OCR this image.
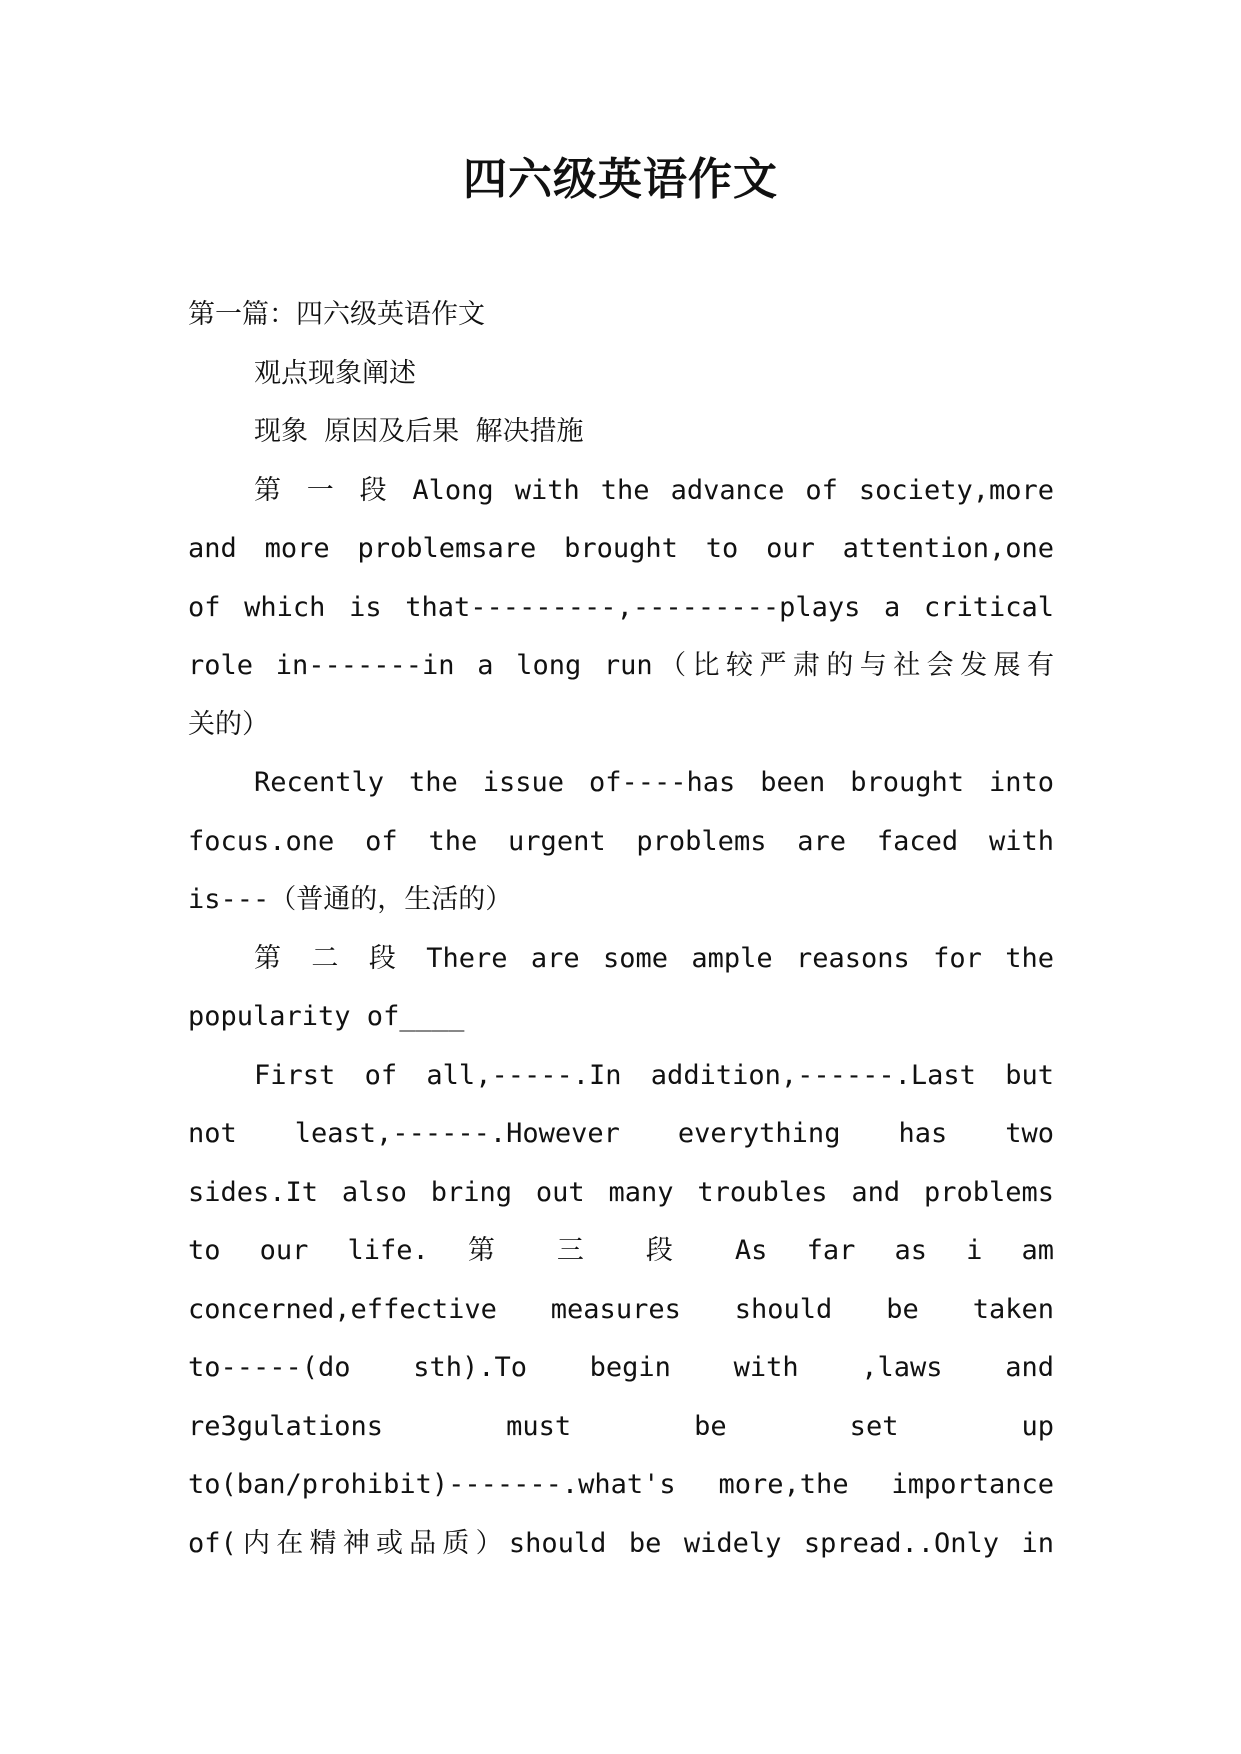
四六级英语作文
第一篇：四六级英语作文
观点现象阐述
现象 原因及后果 解决措施
第 一 段 Along with the advance of society,more
and more problemsare brought to our attention,one
of which is that---------,---------plays a critical
role in-------in a long run（比较严肃的与社会发展有
关的）
Recently the issue of----has been brought into
focus.one of the urgent problems are faced with
is---（普通的，生活的）
第 二 段 There are some ample reasons for the
popularity of____
First of all,-----.In addition,------.Last but
not least,------.However everything has two
sides.It also bring out many troubles and problems
to our life. 第 三 段 As far as i am
concerned,effective measures should be taken
to-----(do sth).To begin with ,laws and
re3gulations must be set up
to(ban/prohibit)-------.what's more,the importance
of(内在精神或品质）should be widely spread..Only in
